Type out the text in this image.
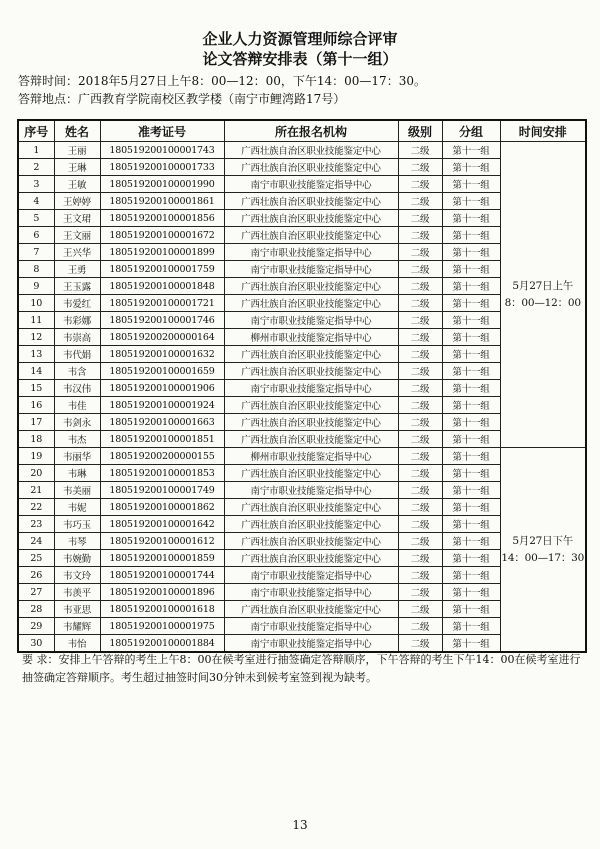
企业人力资源管理师综合评审
论文答辩安排表（第十一组）
答辩时间：2018年5月27日上午8：00—12：00，下午14：00—17：30。
答辩地点：广西教育学院南校区教学楼（南宁市鲤湾路17号）
序号	姓名	准考证号	所在报名机构	级别	分组	时间安排
1	王丽	180519200100001743	广西壮族自治区职业技能鉴定中心	二级	第十一组	5月27日上午
8：00—12：00

2	王琳	180519200100001733	广西壮族自治区职业技能鉴定中心	二级	第十一组	
3	王敏	180519200100001990	南宁市职业技能鉴定指导中心	二级	第十一组	
4	王婷婷	180519200100001861	广西壮族自治区职业技能鉴定中心	二级	第十一组	
5	王文珺	180519200100001856	广西壮族自治区职业技能鉴定中心	二级	第十一组	
6	王文丽	180519200100001672	广西壮族自治区职业技能鉴定中心	二级	第十一组	
7	王兴华	180519200100001899	南宁市职业技能鉴定指导中心	二级	第十一组	
8	王勇	180519200100001759	南宁市职业技能鉴定指导中心	二级	第十一组	
9	王玉露	180519200100001848	广西壮族自治区职业技能鉴定中心	二级	第十一组	
10	韦爱红	180519200100001721	广西壮族自治区职业技能鉴定中心	二级	第十一组	
11	韦彩娜	180519200100001746	南宁市职业技能鉴定指导中心	二级	第十一组	
12	韦崇高	180519200200000164	柳州市职业技能鉴定指导中心	二级	第十一组	
13	韦代娟	180519200100001632	广西壮族自治区职业技能鉴定中心	二级	第十一组	
14	韦含	180519200100001659	广西壮族自治区职业技能鉴定中心	二级	第十一组	
15	韦汉伟	180519200100001906	南宁市职业技能鉴定指导中心	二级	第十一组	
16	韦佳	180519200100001924	广西壮族自治区职业技能鉴定中心	二级	第十一组	
17	韦剑永	180519200100001663	广西壮族自治区职业技能鉴定中心	二级	第十一组	
18	韦杰	180519200100001851	广西壮族自治区职业技能鉴定中心	二级	第十一组	
19	韦丽华	180519200200000155	柳州市职业技能鉴定指导中心	二级	第十一组	5月27日下午
14：00—17：30

20	韦琳	180519200100001853	广西壮族自治区职业技能鉴定中心	二级	第十一组	
21	韦美丽	180519200100001749	南宁市职业技能鉴定指导中心	二级	第十一组	
22	韦妮	180519200100001862	广西壮族自治区职业技能鉴定中心	二级	第十一组	
23	韦巧玉	180519200100001642	广西壮族自治区职业技能鉴定中心	二级	第十一组	
24	韦琴	180519200100001612	广西壮族自治区职业技能鉴定中心	二级	第十一组	
25	韦婉勤	180519200100001859	广西壮族自治区职业技能鉴定中心	二级	第十一组	
26	韦文玲	180519200100001744	南宁市职业技能鉴定指导中心	二级	第十一组	
27	韦羡平	180519200100001896	南宁市职业技能鉴定指导中心	二级	第十一组	
28	韦亚思	180519200100001618	广西壮族自治区职业技能鉴定中心	二级	第十一组	
29	韦耀辉	180519200100001975	南宁市职业技能鉴定指导中心	二级	第十一组	
30	韦怡	180519200100001884	南宁市职业技能鉴定指导中心	二级	第十一组	
要 求：安排上午答辩的考生上午8：00在候考室进行抽签确定答辩顺序，下午答辩的考生下午14：00在候考室进行抽签确定答辩顺序。考生超过抽签时间30分钟未到候考室签到视为缺考。
13
